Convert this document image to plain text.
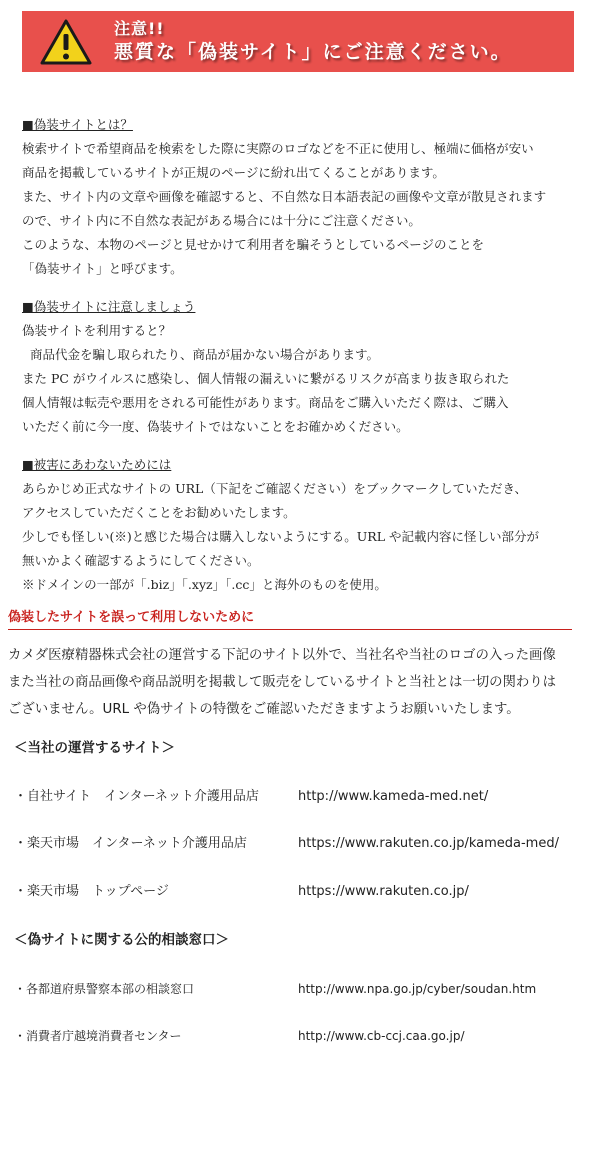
注意!!
悪質な「偽装サイト」にご注意ください。
■偽装サイトとは？
検索サイトで希望商品を検索をした際に実際のロゴなどを不正に使用し、極端に価格が安い
商品を掲載しているサイトが正規のページに紛れ出てくることがあります。
また、サイト内の文章や画像を確認すると、不自然な日本語表記の画像や文章が散見されます
ので、サイト内に不自然な表記がある場合には十分にご注意ください。
このような、本物のページと見せかけて利用者を騙そうとしているページのことを
「偽装サイト」と呼びます。
■偽装サイトに注意しましょう
偽装サイトを利用すると？
商品代金を騙し取られたり、商品が届かない場合があります。
また PC がウイルスに感染し、個人情報の漏えいに繋がるリスクが高まり抜き取られた
個人情報は転売や悪用をされる可能性があります。商品をご購入いただく際は、ご購入
いただく前に今一度、偽装サイトではないことをお確かめください。
■被害にあわないためには
あらかじめ正式なサイトの URL（下記をご確認ください）をブックマークしていただき、
アクセスしていただくことをお勧めいたします。
少しでも怪しい(※)と感じた場合は購入しないようにする。URL や記載内容に怪しい部分が
無いかよく確認するようにしてください。
※ドメインの一部が「.biz」「.xyz」「.cc」と海外のものを使用。
偽装したサイトを誤って利用しないために
カメダ医療精器株式会社の運営する下記のサイト以外で、当社名や当社のロゴの入った画像
また当社の商品画像や商品説明を掲載して販売をしているサイトと当社とは一切の関わりは
ございません。URL や偽サイトの特徴をご確認いただきますようお願いいたします。
＜当社の運営するサイト＞
・自社サイト　インターネット介護用品店	http://www.kameda-med.net/
・楽天市場　インターネット介護用品店	https://www.rakuten.co.jp/kameda-med/
・楽天市場　トップページ	https://www.rakuten.co.jp/
＜偽サイトに関する公的相談窓口＞
・各都道府県警察本部の相談窓口	http://www.npa.go.jp/cyber/soudan.htm
・消費者庁越境消費者センター	http://www.cb-ccj.caa.go.jp/
